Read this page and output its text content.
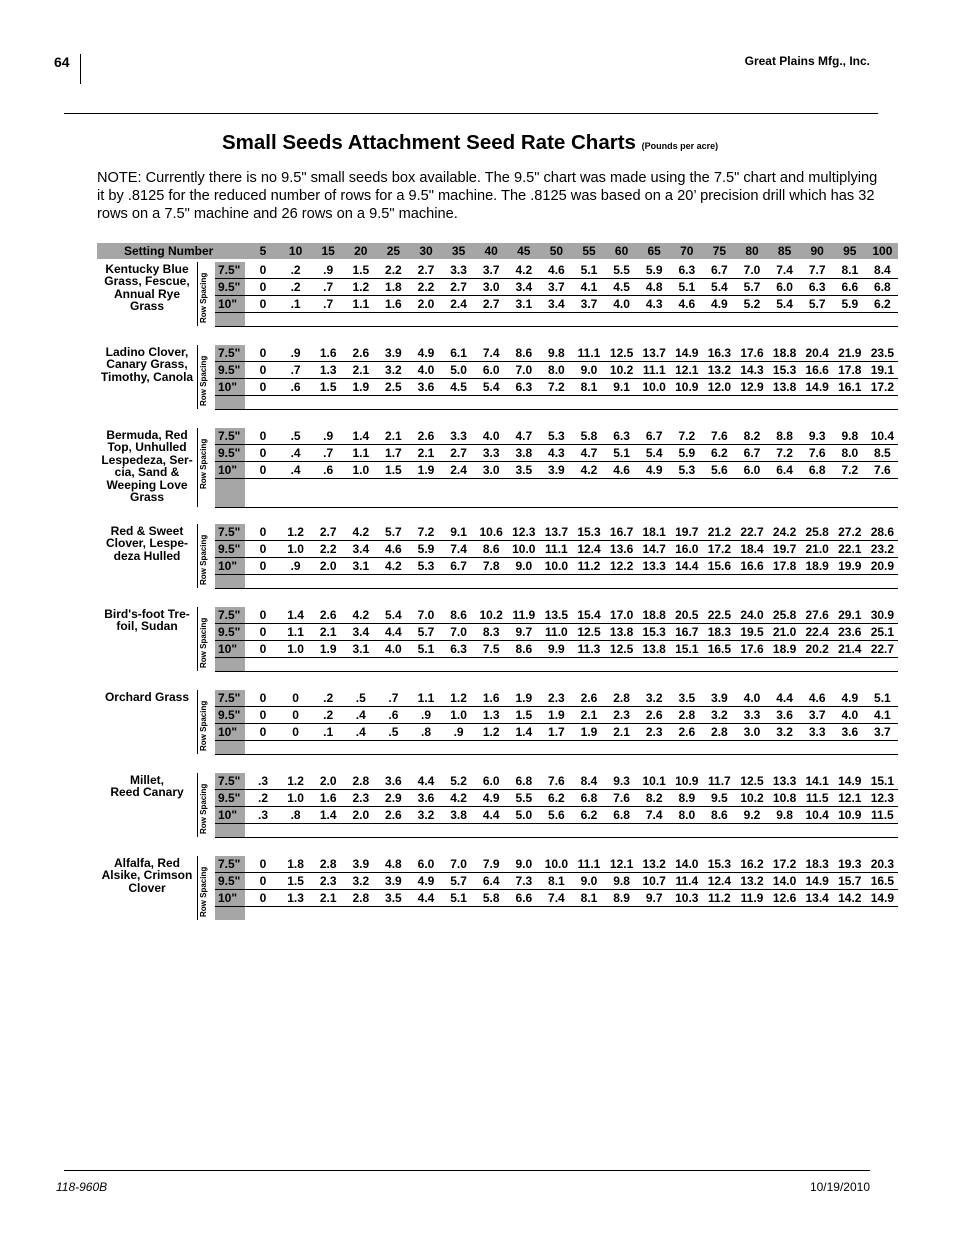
64	Great Plains Mfg., Inc.
Small Seeds Attachment Seed Rate Charts (Pounds per acre)
NOTE: Currently there is no 9.5" small seeds box available. The 9.5" chart was made using the 7.5" chart and multiplying it by .8125 for the reduced number of rows for a 9.5" machine. The .8125 was based on a 20’ precision drill which has 32 rows on a 7.5" machine and 26 rows on a 9.5" machine.
Setting Number	5	10	15	20	25	30	35	40	45	50	55	60	65	70	75	80	85	90	95	100
Kentucky Blue
Grass, Fescue,
Annual Rye
Grass	Row Spacing
7.5"	0	.2	.9	1.5	2.2	2.7	3.3	3.7	4.2	4.6	5.1	5.5	5.9	6.3	6.7	7.0	7.4	7.7	8.1	8.4
9.5"	0	.2	.7	1.2	1.8	2.2	2.7	3.0	3.4	3.7	4.1	4.5	4.8	5.1	5.4	5.7	6.0	6.3	6.6	6.8
10"	0	.1	.7	1.1	1.6	2.0	2.4	2.7	3.1	3.4	3.7	4.0	4.3	4.6	4.9	5.2	5.4	5.7	5.9	6.2
Ladino Clover,
Canary Grass,
Timothy, Canola Row Spacing
7.5"	0	.9	1.6	2.6	3.9	4.9	6.1	7.4	8.6	9.8	11.1 12.5 13.7 14.9 16.3 17.6 18.8 20.4 21.9 23.5
9.5"	0	.7	1.3	2.1	3.2	4.0	5.0	6.0	7.0	8.0	9.0	10.2 11.1 12.1 13.2 14.3 15.3 16.6 17.8 19.1
10"	0	.6	1.5	1.9	2.5	3.6	4.5	5.4	6.3	7.2	8.1	9.1	10.0 10.9 12.0 12.9 13.8 14.9 16.1 17.2
Bermuda, Red
Top, Unhulled
Lespedeza, Ser-
cia, Sand &
Weeping Love
Grass
Row Spacing
7.5"	0	.5	.9	1.4	2.1	2.6	3.3	4.0	4.7	5.3	5.8	6.3	6.7	7.2	7.6	8.2	8.8	9.3	9.8	10.4
9.5"	0	.4	.7	1.1	1.7	2.1	2.7	3.3	3.8	4.3	4.7	5.1	5.4	5.9	6.2	6.7	7.2	7.6	8.0	8.5
10"	0	.4	.6	1.0	1.5	1.9	2.4	3.0	3.5	3.9	4.2	4.6	4.9	5.3	5.6	6.0	6.4	6.8	7.2	7.6
Red & Sweet
Clover, Lespe-
deza Hulled	Row Spacing
7.5"	0	1.2	2.7	4.2	5.7	7.2	9.1	10.6 12.3 13.7 15.3 16.7 18.1 19.7 21.2 22.7 24.2 25.8 27.2 28.6
9.5"	0	1.0	2.2	3.4	4.6	5.9	7.4	8.6	10.0 11.1 12.4 13.6 14.7 16.0 17.2 18.4 19.7 21.0 22.1 23.2
10"	0	.9	2.0	3.1	4.2	5.3	6.7	7.8	9.0	10.0 11.2 12.2 13.3 14.4 15.6 16.6 17.8 18.9 19.9 20.9
Bird's-foot Tre-
foil, Sudan	Row Spacing
7.5"	0	1.4	2.6	4.2	5.4	7.0	8.6	10.2 11.9 13.5 15.4 17.0 18.8 20.5 22.5 24.0 25.8 27.6 29.1 30.9
9.5"	0	1.1	2.1	3.4	4.4	5.7	7.0	8.3	9.7	11.0 12.5 13.8 15.3 16.7 18.3 19.5 21.0 22.4 23.6 25.1
10"	0	1.0	1.9	3.1	4.0	5.1	6.3	7.5	8.6	9.9	11.3 12.5 13.8 15.1 16.5 17.6 18.9 20.2 21.4 22.7
Orchard Grass
Row Spacing
7.5"	0	0	.2	.5	.7	1.1	1.2	1.6	1.9	2.3	2.6	2.8	3.2	3.5	3.9	4.0	4.4	4.6	4.9	5.1
9.5"	0	0	.2	.4	.6	.9	1.0	1.3	1.5	1.9	2.1	2.3	2.6	2.8	3.2	3.3	3.6	3.7	4.0	4.1
10"	0	0	.1	.4	.5	.8	.9	1.2	1.4	1.7	1.9	2.1	2.3	2.6	2.8	3.0	3.2	3.3	3.6	3.7
Millet,
Reed Canary	Row Spacing
7.5"	.3	1.2	2.0	2.8	3.6	4.4	5.2	6.0	6.8	7.6	8.4	9.3	10.1 10.9 11.7 12.5 13.3 14.1 14.9 15.1
9.5"	.2	1.0	1.6	2.3	2.9	3.6	4.2	4.9	5.5	6.2	6.8	7.6	8.2	8.9	9.5	10.2 10.8 11.5 12.1 12.3
10"	.3	.8	1.4	2.0	2.6	3.2	3.8	4.4	5.0	5.6	6.2	6.8	7.4	8.0	8.6	9.2	9.8	10.4 10.9 11.5
Alfalfa, Red
Alsike, Crimson
Clover	Row Spacing
7.5"	0	1.8	2.8	3.9	4.8	6.0	7.0	7.9	9.0	10.0 11.1 12.1 13.2 14.0 15.3 16.2 17.2 18.3 19.3 20.3
9.5"	0	1.5	2.3	3.2	3.9	4.9	5.7	6.4	7.3	8.1	9.0	9.8	10.7 11.4 12.4 13.2 14.0 14.9 15.7 16.5
10"	0	1.3	2.1	2.8	3.5	4.4	5.1	5.8	6.6	7.4	8.1	8.9	9.7	10.3 11.2 11.9 12.6 13.4 14.2 14.9
118-960B	10/19/2010
